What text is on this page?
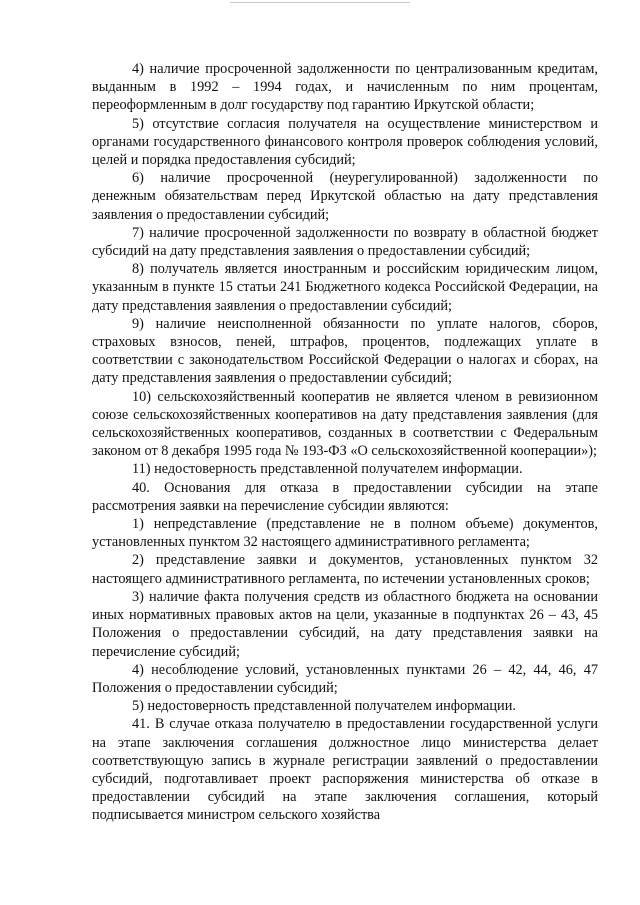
4) наличие просроченной задолженности по централизованным кредитам, выданным в 1992 – 1994 годах, и начисленным по ним процентам, переоформленным в долг государству под гарантию Иркутской области;

5) отсутствие согласия получателя на осуществление министерством и органами государственного финансового контроля проверок соблюдения условий, целей и порядка предоставления субсидий;

6) наличие просроченной (неурегулированной) задолженности по денежным обязательствам перед Иркутской областью на дату представления заявления о предоставлении субсидий;

7) наличие просроченной задолженности по возврату в областной бюджет субсидий на дату представления заявления о предоставлении субсидий;

8) получатель является иностранным и российским юридическим лицом, указанным в пункте 15 статьи 241 Бюджетного кодекса Российской Федерации, на дату представления заявления о предоставлении субсидий;

9) наличие неисполненной обязанности по уплате налогов, сборов, страховых взносов, пеней, штрафов, процентов, подлежащих уплате в соответствии с законодательством Российской Федерации о налогах и сборах, на дату представления заявления о предоставлении субсидий;

10) сельскохозяйственный кооператив не является членом в ревизионном союзе сельскохозяйственных кооперативов на дату представления заявления (для сельскохозяйственных кооперативов, созданных в соответствии с Федеральным законом от 8 декабря 1995 года № 193-ФЗ «О сельскохозяйственной кооперации»);

11) недостоверность представленной получателем информации.

40. Основания для отказа в предоставлении субсидии на этапе рассмотрения заявки на перечисление субсидии являются:

1) непредставление (представление не в полном объеме) документов, установленных пунктом 32 настоящего административного регламента;

2) представление заявки и документов, установленных пунктом 32 настоящего административного регламента, по истечении установленных сроков;

3) наличие факта получения средств из областного бюджета на основании иных нормативных правовых актов на цели, указанные в подпунктах 26 – 43, 45 Положения о предоставлении субсидий, на дату представления заявки на перечисление субсидий;

4) несоблюдение условий, установленных пунктами 26 – 42, 44, 46, 47 Положения о предоставлении субсидий;

5) недостоверность представленной получателем информации.

41. В случае отказа получателю в предоставлении государственной услуги на этапе заключения соглашения должностное лицо министерства делает соответствующую запись в журнале регистрации заявлений о предоставлении субсидий, подготавливает проект распоряжения министерства об отказе в предоставлении субсидий на этапе заключения соглашения, который подписывается министром сельского хозяйства
